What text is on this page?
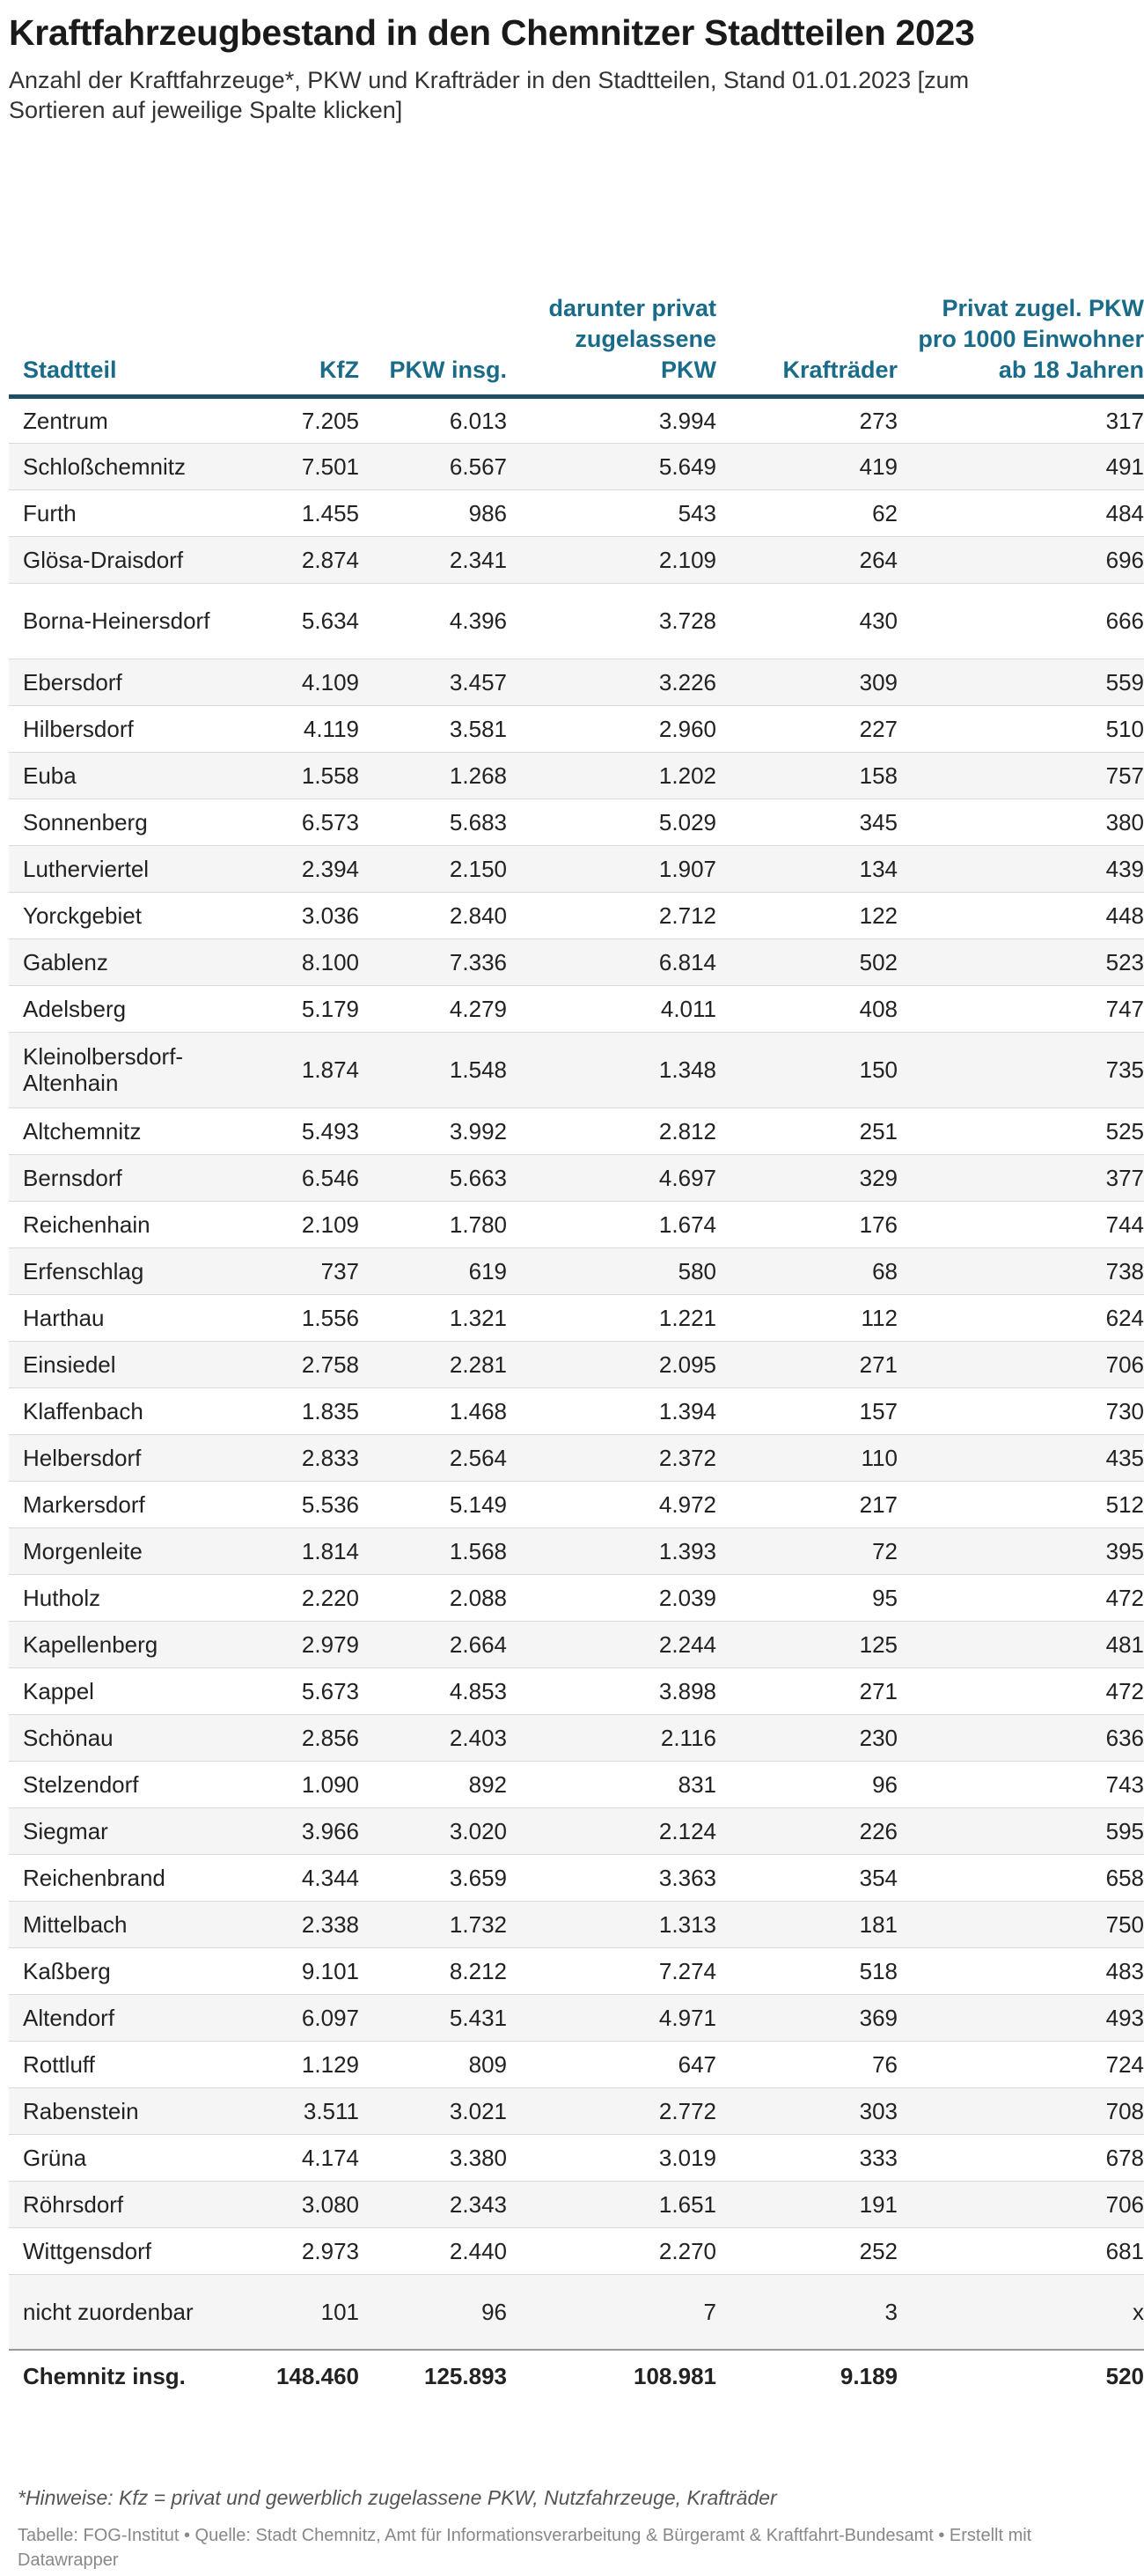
Kraftfahrzeugbestand in den Chemnitzer Stadtteilen 2023

Anzahl der Kraftfahrzeuge*, PKW und Krafträder in den Stadtteilen, Stand 01.01.2023 [zum Sortieren auf jeweilige Spalte klicken]

Stadtteil	KfZ	PKW insg.	darunter privat zugelassene PKW	Krafträder	Privat zugel. PKW pro 1000 Einwohner ab 18 Jahren
Zentrum	7.205	6.013	3.994	273	317
Schloßchemnitz	7.501	6.567	5.649	419	491
Furth	1.455	986	543	62	484
Glösa-Draisdorf	2.874	2.341	2.109	264	696
Borna-Heinersdorf	5.634	4.396	3.728	430	666
Ebersdorf	4.109	3.457	3.226	309	559
Hilbersdorf	4.119	3.581	2.960	227	510
Euba	1.558	1.268	1.202	158	757
Sonnenberg	6.573	5.683	5.029	345	380
Lutherviertel	2.394	2.150	1.907	134	439
Yorckgebiet	3.036	2.840	2.712	122	448
Gablenz	8.100	7.336	6.814	502	523
Adelsberg	5.179	4.279	4.011	408	747
Kleinolbersdorf-Altenhain	1.874	1.548	1.348	150	735
Altchemnitz	5.493	3.992	2.812	251	525
Bernsdorf	6.546	5.663	4.697	329	377
Reichenhain	2.109	1.780	1.674	176	744
Erfenschlag	737	619	580	68	738
Harthau	1.556	1.321	1.221	112	624
Einsiedel	2.758	2.281	2.095	271	706
Klaffenbach	1.835	1.468	1.394	157	730
Helbersdorf	2.833	2.564	2.372	110	435
Markersdorf	5.536	5.149	4.972	217	512
Morgenleite	1.814	1.568	1.393	72	395
Hutholz	2.220	2.088	2.039	95	472
Kapellenberg	2.979	2.664	2.244	125	481
Kappel	5.673	4.853	3.898	271	472
Schönau	2.856	2.403	2.116	230	636
Stelzendorf	1.090	892	831	96	743
Siegmar	3.966	3.020	2.124	226	595
Reichenbrand	4.344	3.659	3.363	354	658
Mittelbach	2.338	1.732	1.313	181	750
Kaßberg	9.101	8.212	7.274	518	483
Altendorf	6.097	5.431	4.971	369	493
Rottluff	1.129	809	647	76	724
Rabenstein	3.511	3.021	2.772	303	708
Grüna	4.174	3.380	3.019	333	678
Röhrsdorf	3.080	2.343	1.651	191	706
Wittgensdorf	2.973	2.440	2.270	252	681
nicht zuordenbar	101	96	7	3	x
Chemnitz insg.	148.460	125.893	108.981	9.189	520

*Hinweise: Kfz = privat und gewerblich zugelassene PKW, Nutzfahrzeuge, Krafträder

Tabelle: FOG-Institut • Quelle: Stadt Chemnitz, Amt für Informationsverarbeitung & Bürgeramt & Kraftfahrt-Bundesamt • Erstellt mit Datawrapper
